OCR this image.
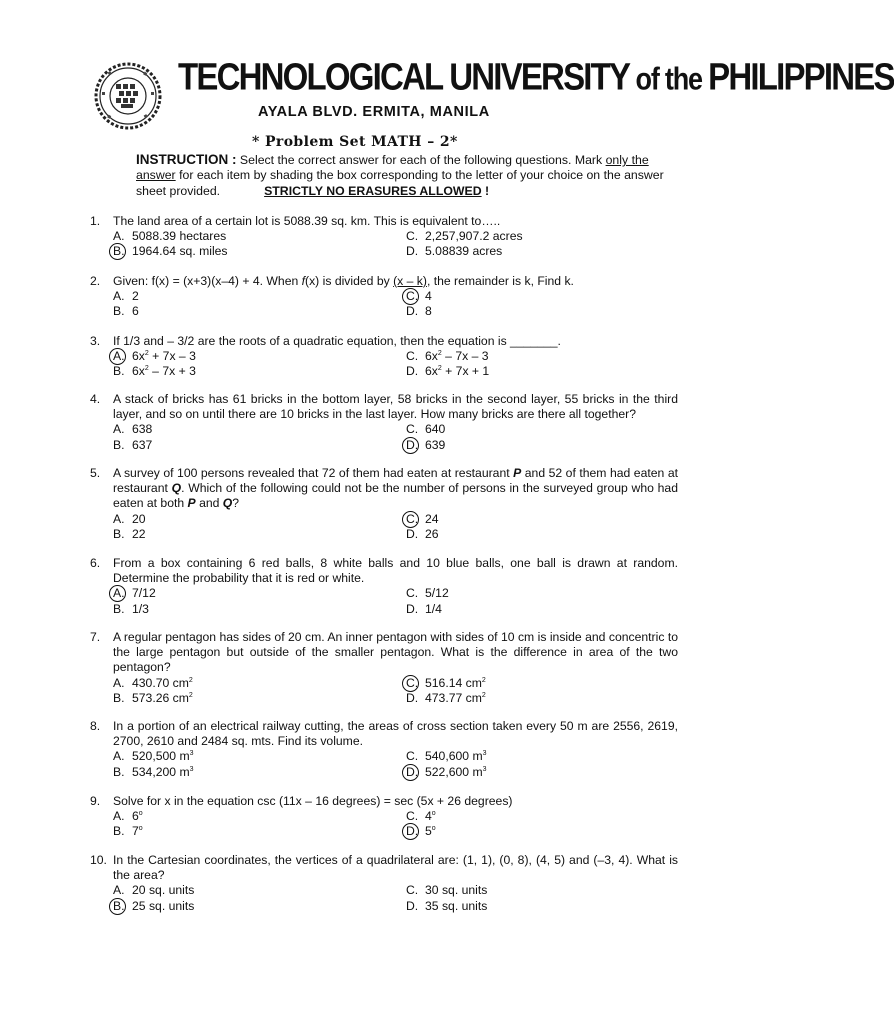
TECHNOLOGICAL UNIVERSITY of the PHILIPPINES
AYALA BLVD. ERMITA, MANILA
* Problem Set MATH – 2*
INSTRUCTION : Select the correct answer for each of the following questions. Mark only the answer for each item by shading the box corresponding to the letter of your choice on the answer sheet provided.	STRICTLY NO ERASURES ALLOWED !
1. The land area of a certain lot is 5088.39 sq. km. This is equivalent to…..
A. 5088.39 hectares
B. 1964.64 sq. miles
C. 2,257,907.2 acres
D. 5.08839 acres
2. Given: f(x) = (x+3)(x–4) + 4. When f(x) is divided by (x – k), the remainder is k, Find k.
A. 2
B. 6
C. 4
D. 8
3. If 1/3 and – 3/2 are the roots of a quadratic equation, then the equation is _______.
A. $6x^2 + 7x - 3$
B. $6x^2 - 7x + 3$
C. $6x^2 - 7x - 3$
D. $6x^2 + 7x + 1$
4. A stack of bricks has 61 bricks in the bottom layer, 58 bricks in the second layer, 55 bricks in the third layer, and so on until there are 10 bricks in the last layer. How many bricks are there all together?
A. 638
B. 637
C. 640
D. 639
5. A survey of 100 persons revealed that 72 of them had eaten at restaurant P and 52 of them had eaten at restaurant Q. Which of the following could not be the number of persons in the surveyed group who had eaten at both P and Q?
A. 20
B. 22
C. 24
D. 26
6. From a box containing 6 red balls, 8 white balls and 10 blue balls, one ball is drawn at random. Determine the probability that it is red or white.
A. 7/12
B. 1/3
C. 5/12
D. 1/4
7. A regular pentagon has sides of 20 cm. An inner pentagon with sides of 10 cm is inside and concentric to the large pentagon but outside of the smaller pentagon. What is the difference in area of the two pentagon?
A. 430.70 $cm^2$
B. 573.26 $cm^2$
C. 516.14 $cm^2$
D. 473.77 $cm^2$
8. In a portion of an electrical railway cutting, the areas of cross section taken every 50 m are 2556, 2619, 2700, 2610 and 2484 sq. mts. Find its volume.
A. 520,500 $m^3$
B. 534,200 $m^3$
C. 540,600 $m^3$
D. 522,600 $m^3$
9. Solve for x in the equation csc (11x – 16 degrees) = sec (5x + 26 degrees)
A. 6$^o$
B. 7$^o$
C. 4$^o$
D. 5$^o$
10. In the Cartesian coordinates, the vertices of a quadrilateral are: (1, 1), (0, 8), (4, 5) and (–3, 4). What is the area?
A. 20 sq. units
B. 25 sq. units
C. 30 sq. units
D. 35 sq. units
